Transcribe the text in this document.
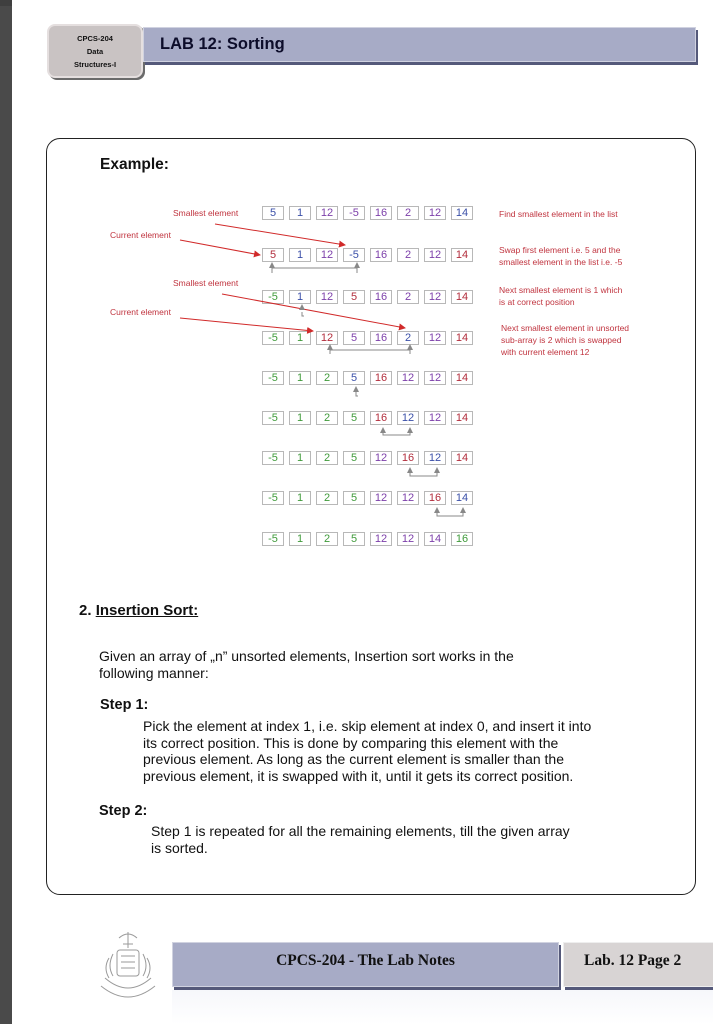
CPCS-204
Data
Structures-I
LAB 12: Sorting
Example:
Smallest element
Current element
Smallest element
Current element
5	1	12	-5	16	2	12	14
5	1	12	-5	16	2	12	14
-5	1	12	5	16	2	12	14
-5	1	12	5	16	2	12	14
-5	1	2	5	16	12	12	14
-5	1	2	5	16	12	12	14
-5	1	2	5	12	16	12	14
-5	1	2	5	12	12	16	14
-5	1	2	5	12	12	14	16
Find smallest element in the list
Swap first element i.e. 5 and the
smallest element in the list i.e. -5
Next smallest element is 1 which
is at correct position
Next smallest element in unsorted
sub-array is 2 which is swapped
with current element 12
2. Insertion Sort:
Given an array of „n” unsorted elements, Insertion sort works in the
following manner:
Step 1:
Pick the element at index 1, i.e. skip element at index 0, and insert it into
its correct position. This is done by comparing this element with the
previous element. As long as the current element is smaller than the
previous element, it is swapped with it, until it gets its correct position.
Step 2:
Step 1 is repeated for all the remaining elements, till the given array
is sorted.
CPCS-204 - The Lab Notes	Lab. 12 Page 2
